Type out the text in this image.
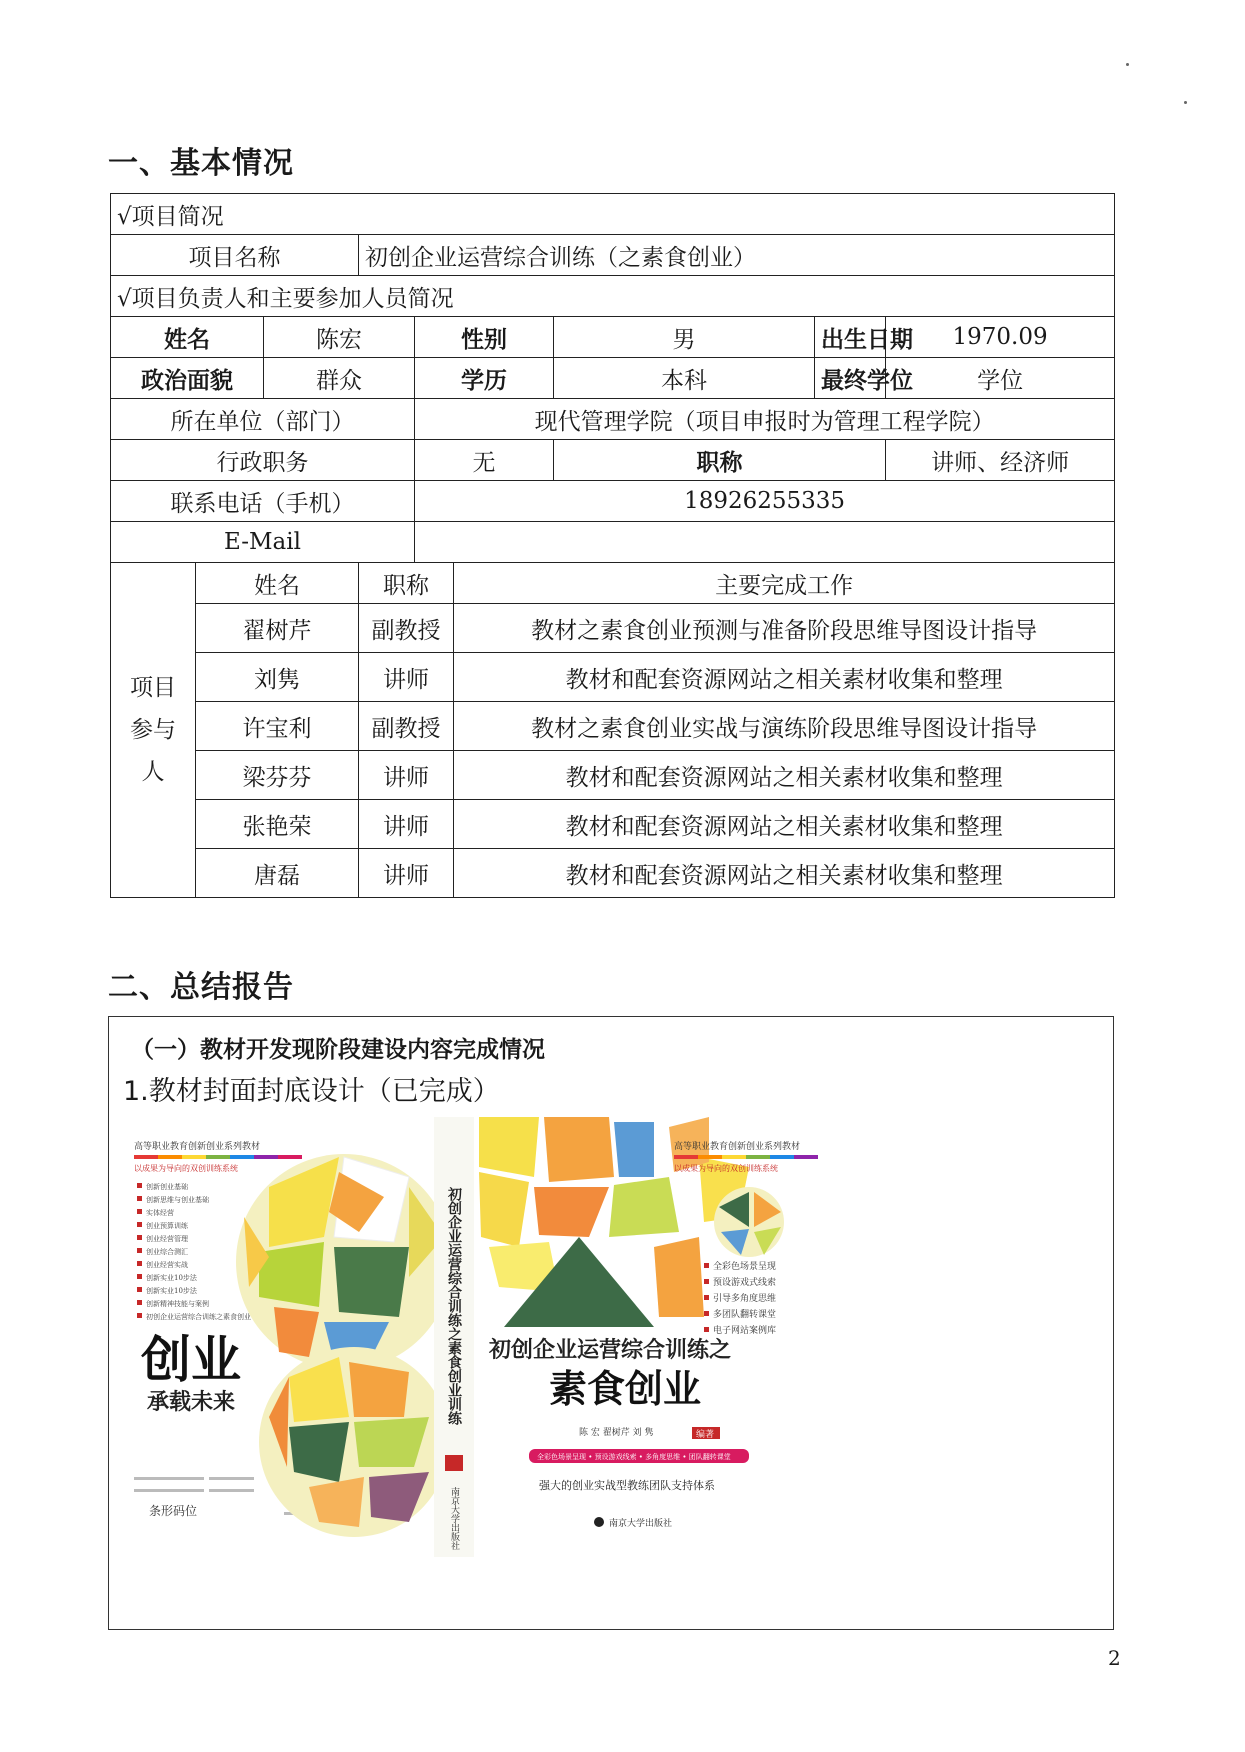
一、基本情况
√项目简况								
项目名称			初创企业运营综合训练（之素食创业）					
√项目负责人和主要参加人员简况								
姓名		陈宏		性别		男	出生日期	1970.09
政治面貌		群众		学历		本科	最终学位	学位
所在单位（部门）				现代管理学院（项目申报时为管理工程学院）				
行政职务				无		职称		讲师、经济师
联系电话（手机）				18926255335				
E-Mail								
项目
参与
人	姓名		职称		主要完成工作			
	翟树芹		副教授		教材之素食创业预测与准备阶段思维导图设计指导			
	刘隽		讲师		教材和配套资源网站之相关素材收集和整理			
	许宝利		副教授		教材之素食创业实战与演练阶段思维导图设计指导			
	梁芬芬		讲师		教材和配套资源网站之相关素材收集和整理			
	张艳荣		讲师		教材和配套资源网站之相关素材收集和整理			
	唐磊		讲师		教材和配套资源网站之相关素材收集和整理			
二、总结报告
（一）教材开发现阶段建设内容完成情况
1.教材封面封底设计（已完成）
高等职业教育创新创业系列教材
以成果为导向的双创训练系统
创新创业基础
创新思维与创业基础
实体经营
创业预算训练
创业经营管理
创业综合测汇
创业经营实战
创新实业10步法
创新实业10步法
创新精神技能与案例
初创企业运营综合训练之素食创业
创业
承载未来
条形码位
初创企业运营综合训练之素食创业训练
南京大学出版社
高等职业教育创新创业系列教材
以成果为导向的双创训练系统
全彩色场景呈现
预设游戏式线索
引导多角度思维
多团队翻转课堂
电子网站案例库
初创企业运营综合训练之
素食创业
陈 宏 翟树芹 刘 隽	编著
全彩色场景呈现 • 预设游戏线索 • 多角度思维 • 团队翻转课堂
强大的创业实战型教练团队支持体系
南京大学出版社
2
